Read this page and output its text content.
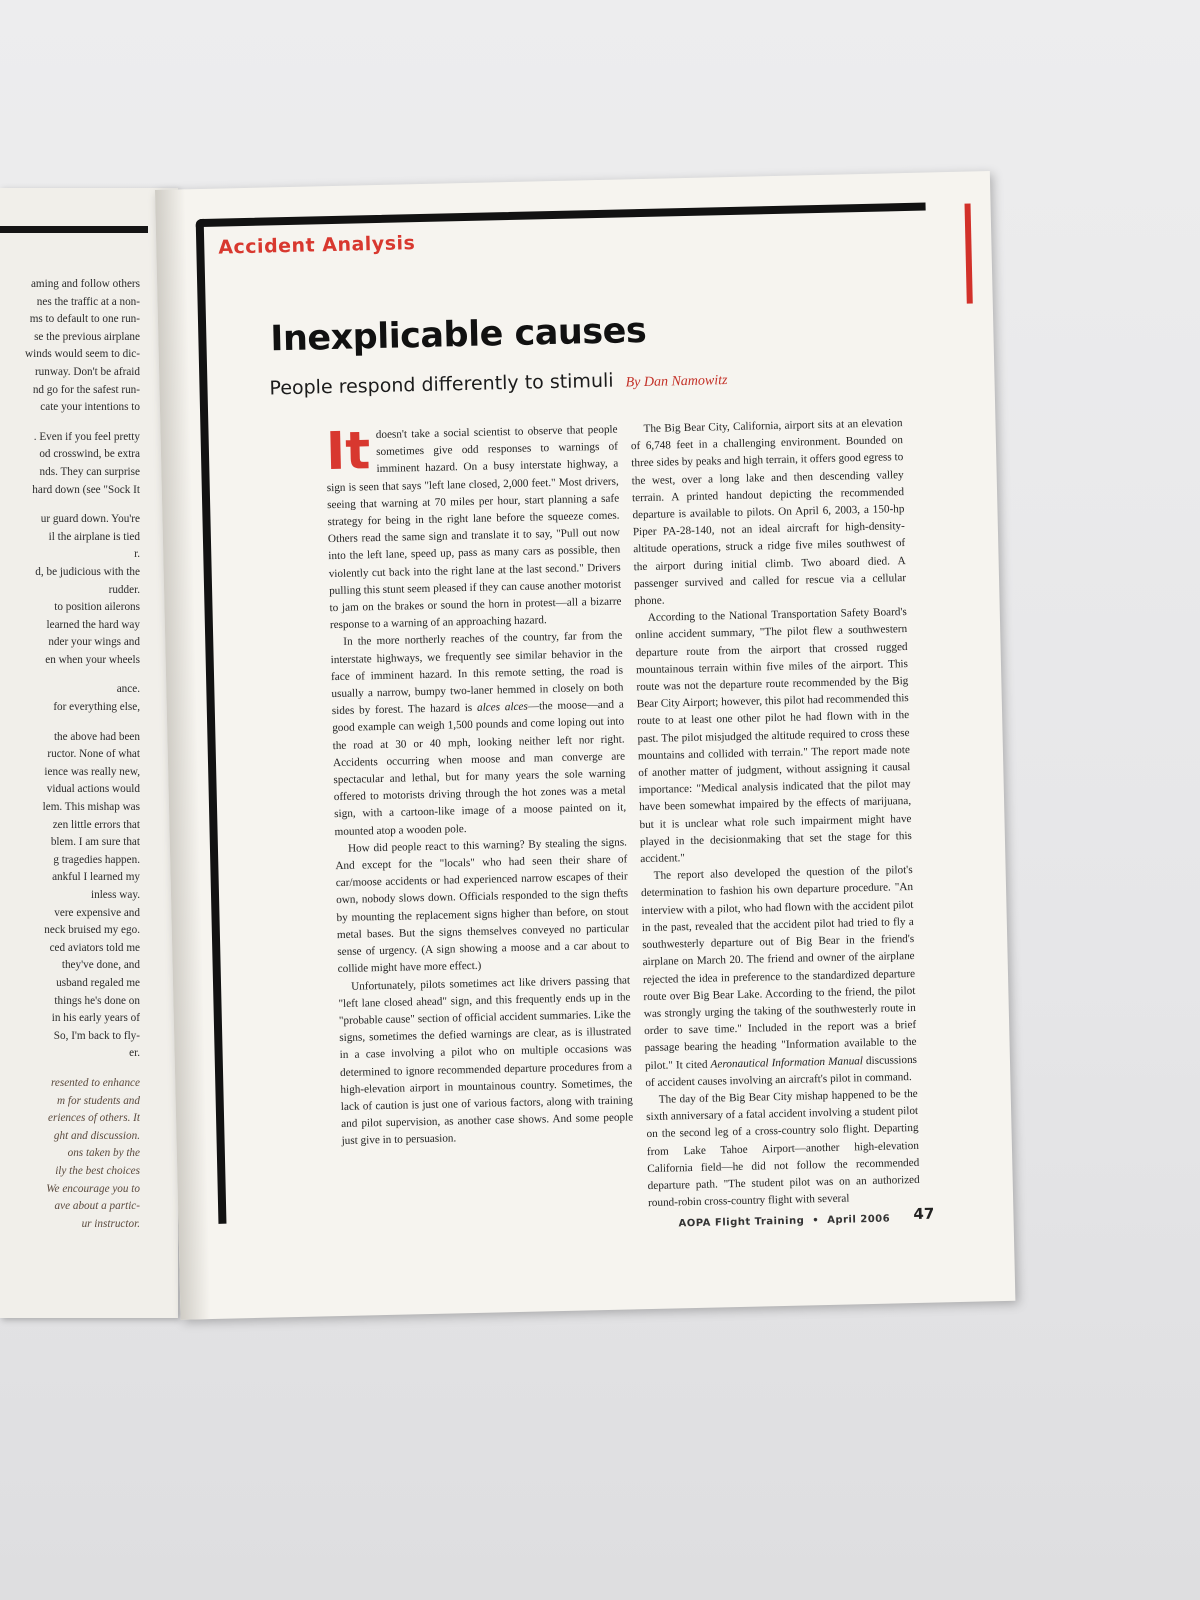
aming and follow others
nes the traffic at a non-
ms to default to one run-
se the previous airplane
winds would seem to dic-
runway. Don't be afraid
nd go for the safest run-
cate your intentions to
. Even if you feel pretty
od crosswind, be extra
nds. They can surprise
hard down (see "Sock It
ur guard down. You're
il the airplane is tied
r.
d, be judicious with the
rudder.
to position ailerons
learned the hard way
nder your wings and
en when your wheels
ance.
for everything else,
the above had been
ructor. None of what
ience was really new,
vidual actions would
lem. This mishap was
zen little errors that
blem. I am sure that
g tragedies happen.
ankful I learned my
inless way.
vere expensive and
neck bruised my ego.
ced aviators told me
they've done, and
usband regaled me
things he's done on
in his early years of
So, I'm back to fly-
er.
resented to enhance
m for students and
eriences of others. It
ght and discussion.
ons taken by the
ily the best choices
We encourage you to
ave about a partic-
ur instructor.
Accident Analysis
Inexplicable causes
People respond differently to stimuli By Dan Namowitz

It doesn't take a social scientist to observe that people sometimes give odd responses to warnings of imminent hazard. On a busy interstate highway, a sign is seen that says "left lane closed, 2,000 feet." Most drivers, seeing that warning at 70 miles per hour, start planning a safe strategy for being in the right lane before the squeeze comes. Others read the same sign and translate it to say, "Pull out now into the left lane, speed up, pass as many cars as possible, then violently cut back into the right lane at the last second." Drivers pulling this stunt seem pleased if they can cause another motorist to jam on the brakes or sound the horn in protest—all a bizarre response to a warning of an approaching hazard.

In the more northerly reaches of the country, far from the interstate highways, we frequently see similar behavior in the face of imminent hazard. In this remote setting, the road is usually a narrow, bumpy two-laner hemmed in closely on both sides by forest. The hazard is alces alces—the moose—and a good example can weigh 1,500 pounds and come loping out into the road at 30 or 40 mph, looking neither left nor right. Accidents occurring when moose and man converge are spectacular and lethal, but for many years the sole warning offered to motorists driving through the hot zones was a metal sign, with a cartoon-like image of a moose painted on it, mounted atop a wooden pole.

How did people react to this warning? By stealing the signs. And except for the "locals" who had seen their share of car/moose accidents or had experienced narrow escapes of their own, nobody slows down. Officials responded to the sign thefts by mounting the replacement signs higher than before, on stout metal bases. But the signs themselves conveyed no particular sense of urgency. (A sign showing a moose and a car about to collide might have more effect.)

Unfortunately, pilots sometimes act like drivers passing that "left lane closed ahead" sign, and this frequently ends up in the "probable cause" section of official accident summaries. Like the signs, sometimes the defied warnings are clear, as is illustrated in a case involving a pilot who on multiple occasions was determined to ignore recommended departure procedures from a high-elevation airport in mountainous country. Sometimes, the lack of caution is just one of various factors, along with training and pilot supervision, as another case shows. And some people just give in to persuasion.

The Big Bear City, California, airport sits at an elevation of 6,748 feet in a challenging environment. Bounded on three sides by peaks and high terrain, it offers good egress to the west, over a long lake and then descending valley terrain. A printed handout depicting the recommended departure is available to pilots. On April 6, 2003, a 150-hp Piper PA-28-140, not an ideal aircraft for high-density-altitude operations, struck a ridge five miles southwest of the airport during initial climb. Two aboard died. A passenger survived and called for rescue via a cellular phone.

According to the National Transportation Safety Board's online accident summary, "The pilot flew a southwestern departure route from the airport that crossed rugged mountainous terrain within five miles of the airport. This route was not the departure route recommended by the Big Bear City Airport; however, this pilot had recommended this route to at least one other pilot he had flown with in the past. The pilot misjudged the altitude required to cross these mountains and collided with terrain." The report made note of another matter of judgment, without assigning it causal importance: "Medical analysis indicated that the pilot may have been somewhat impaired by the effects of marijuana, but it is unclear what role such impairment might have played in the decisionmaking that set the stage for this accident."

The report also developed the question of the pilot's determination to fashion his own departure procedure. "An interview with a pilot, who had flown with the accident pilot in the past, revealed that the accident pilot had tried to fly a southwesterly departure out of Big Bear in the friend's airplane on March 20. The friend and owner of the airplane rejected the idea in preference to the standardized departure route over Big Bear Lake. According to the friend, the pilot was strongly urging the taking of the southwesterly route in order to save time." Included in the report was a brief passage bearing the heading "Information available to the pilot." It cited Aeronautical Information Manual discussions of accident causes involving an aircraft's pilot in command.

The day of the Big Bear City mishap happened to be the sixth anniversary of a fatal accident involving a student pilot on the second leg of a cross-country solo flight. Departing from Lake Tahoe Airport—another high-elevation California field—he did not follow the recommended departure path. "The student pilot was on an authorized round-robin cross-country flight with several

AOPA Flight Training • April 2006	47
